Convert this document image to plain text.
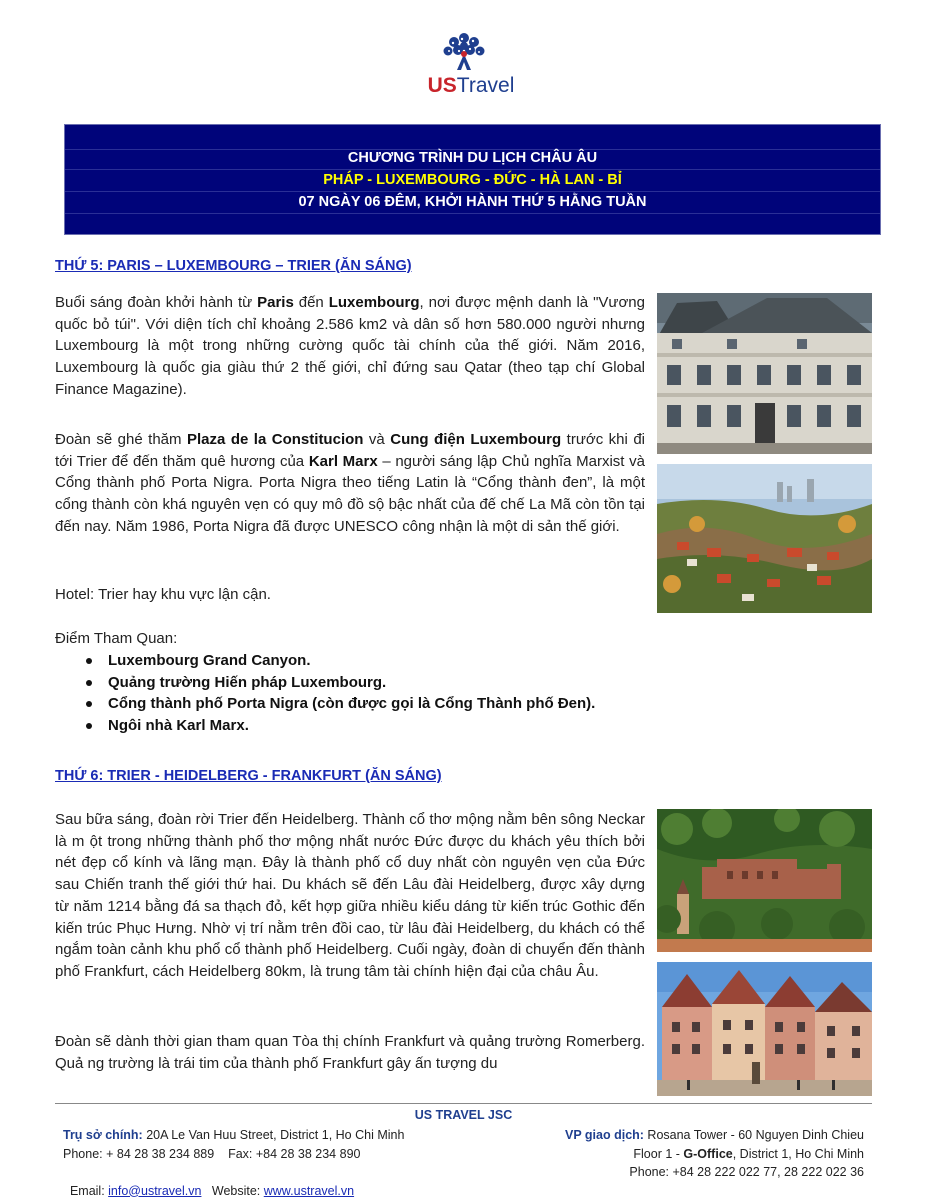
USTravel
CHƯƠNG TRÌNH DU LỊCH CHÂU ÂU
PHÁP - LUXEMBOURG - ĐỨC - HÀ LAN - BỈ
07 NGÀY 06 ĐÊM, KHỞI HÀNH THỨ 5 HẰNG TUẦN
THỨ 5: PARIS – LUXEMBOURG – TRIER (ĂN SÁNG)

Buổi sáng đoàn khởi hành từ Paris đến Luxembourg, nơi được mệnh danh là "Vương quốc bỏ túi". Với diện tích chỉ khoảng 2.586 km2 và dân số hơn 580.000 người nhưng Luxembourg là một trong những cường quốc tài chính của thế giới. Năm 2016, Luxembourg là quốc gia giàu thứ 2 thế giới, chỉ đứng sau Qatar (theo tạp chí Global Finance Magazine).

Đoàn sẽ ghé thăm Plaza de la Constitucion và Cung điện Luxembourg trước khi đi tới Trier để đến thăm quê hương của Karl Marx – người sáng lập Chủ nghĩa Marxist và Cổng thành phố Porta Nigra. Porta Nigra theo tiếng Latin là “Cổng thành đen”, là một cổng thành còn khá nguyên vẹn có quy mô đồ sộ bậc nhất của đế chế La Mã còn tồn tại đến nay. Năm 1986, Porta Nigra đã được UNESCO công nhận là một di sản thế giới.

Hotel: Trier hay khu vực lận cận.

Điểm Tham Quan:

Luxembourg Grand Canyon.
Quảng trường Hiến pháp Luxembourg.
Cổng thành phố Porta Nigra (còn được gọi là Cổng Thành phố Đen).
Ngôi nhà Karl Marx.
THỨ 6: TRIER - HEIDELBERG - FRANKFURT (ĂN SÁNG)

Sau bữa sáng, đoàn rời Trier đến Heidelberg. Thành cổ thơ mộng nằm bên sông Neckar là m ột trong những thành phố thơ mộng nhất nước Đức được du khách yêu thích bởi nét đẹp cổ kính và lãng mạn. Đây là thành phố cổ duy nhất còn nguyên vẹn của Đức sau Chiến tranh thế giới thứ hai. Du khách sẽ đến Lâu đài Heidelberg, được xây dựng từ năm 1214 bằng đá sa thạch đỏ, kết hợp giữa nhiều kiểu dáng từ kiến trúc Gothic đến kiến trúc Phục Hưng. Nhờ vị trí nằm trên đồi cao, từ lâu đài Heidelberg, du khách có thể ngắm toàn cảnh khu phổ cổ thành phố Heidelberg. Cuối ngày, đoàn di chuyển đến thành phố Frankfurt, cách Heidelberg 80km, là trung tâm tài chính hiện đại của châu Âu.

Đoàn sẽ dành thời gian tham quan Tòa thị chính Frankfurt và quảng trường Romerberg. Quả ng trường là trái tim của thành phố Frankfurt gây ấn tượng du

US TRAVEL JSC
Trụ sở chính: 20A Le Van Huu Street, District 1, Ho Chi Minh
Phone: + 84 28 38 234 889    Fax: +84 28 38 234 890

Email: info@ustravel.vn   Website: www.ustravel.vn

VP giao dịch: Rosana Tower - 60 Nguyen Dinh Chieu
Floor 1 - G-Office, District 1, Ho Chi Minh
Phone: +84 28 222 022 77, 28 222 022 36
